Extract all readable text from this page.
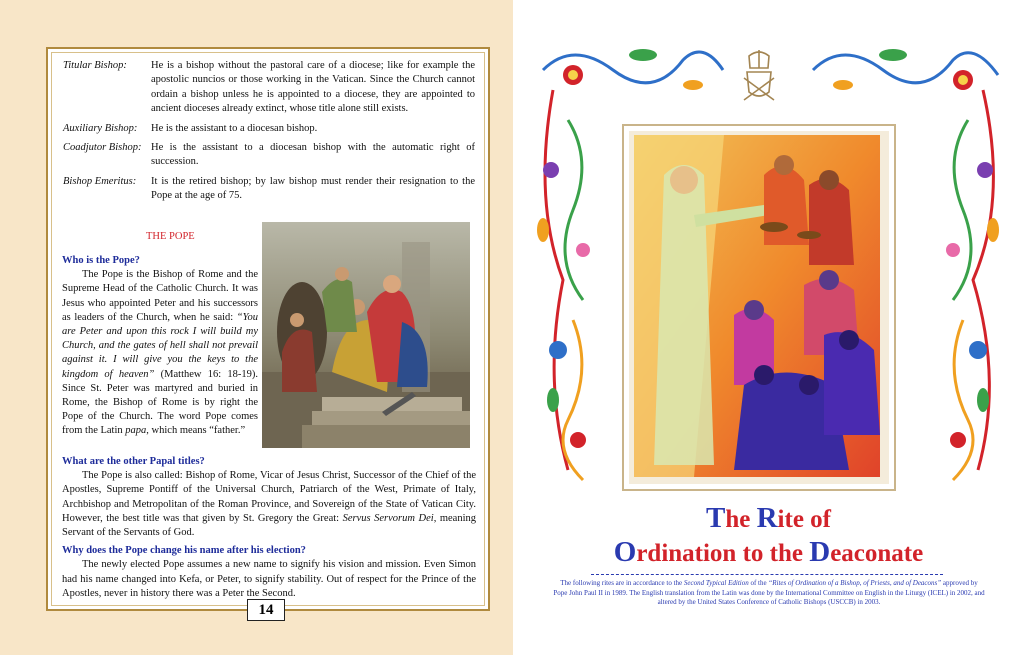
Titular Bishop:	He is a bishop without the pastoral care of a diocese; like for example the apostolic nuncios or those working in the Vatican. Since the Church cannot ordain a bishop unless he is appointed to a diocese, they are appointed to ancient dioceses already extinct, whose title alone still exists.
Auxiliary Bishop:	He is the assistant to a diocesan bishop.
Coadjutor Bishop: He is the assistant to a diocesan bishop with the automatic right of succession.
Bishop Emeritus:	It is the retired bishop; by law bishop must render their resignation to the Pope at the age of 75.
THE POPE
Who is the Pope?

The Pope is the Bishop of Rome and the Supreme Head of the Catholic Church. It was Jesus who appointed Peter and his successors as leaders of the Church, when he said: “You are Peter and upon this rock I will build my Church, and the gates of hell shall not prevail against it. I will give you the keys to the kingdom of heaven” (Matthew 16: 18-19). Since St. Peter was martyred and buried in Rome, the Bishop of Rome is by right the Pope of the Church. The word Pope comes from the Latin papa, which means “father.”

What are the other Papal titles?

The Pope is also called: Bishop of Rome, Vicar of Jesus Christ, Successor of the Chief of the Apostles, Supreme Pontiff of the Universal Church, Patriarch of the West, Primate of Italy, Archbishop and Metropolitan of the Roman Province, and Sovereign of the State of Vatican City. However, the best title was that given by St. Gregory the Great: Servus Servorum Dei, meaning Servant of the Servants of God.

Why does the Pope change his name after his election?

The newly elected Pope assumes a new name to signify his vision and mission. Even Simon had his name changed into Kefa, or Peter, to signify stability. Out of respect for the Prince of the Apostles, never in history there was a Peter the Second.

14
The Rite of
Ordination to the Deaconate
The following rites are in accordance to the Second Typical Edition of the “Rites of Ordination of a Bishop, of Priests, and of Deacons” approved by Pope John Paul II in 1989. The English translation from the Latin was done by the International Committee on English in the Liturgy (ICEL) in 2002, and altered by the United States Conference of Catholic Bishops (USCCB) in 2003.
